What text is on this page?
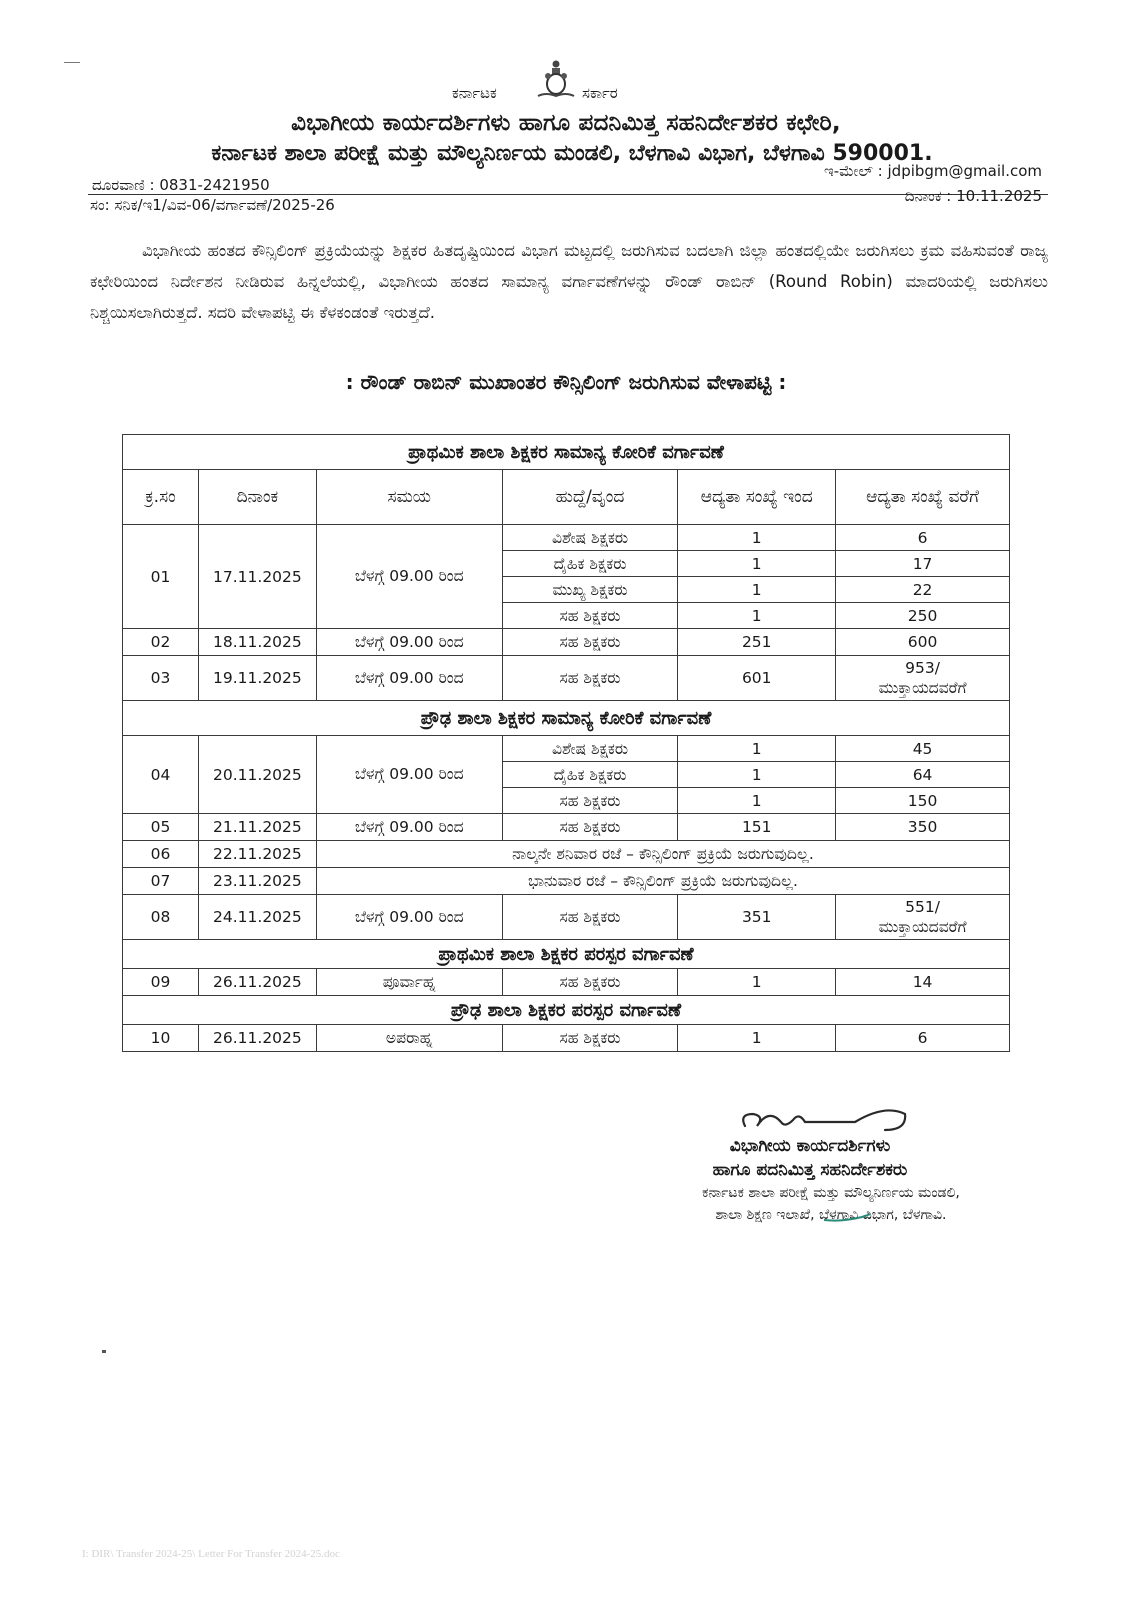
ಕರ್ನಾಟಕ	ಸರ್ಕಾರ
ವಿಭಾಗೀಯ ಕಾರ್ಯದರ್ಶಿಗಳು ಹಾಗೂ ಪದನಿಮಿತ್ತ ಸಹನಿರ್ದೇಶಕರ ಕಛೇರಿ,
ಕರ್ನಾಟಕ ಶಾಲಾ ಪರೀಕ್ಷೆ ಮತ್ತು ಮೌಲ್ಯನಿರ್ಣಯ ಮಂಡಲಿ, ಬೆಳಗಾವಿ ವಿಭಾಗ, ಬೆಳಗಾವಿ 590001.
ಇ-ಮೇಲ್ : jdpibgm@gmail.com
ದೂರವಾಣಿ : 0831-2421950
ಸಂ: ಸನಿಕ/ಇ1/ವಿವ-06/ವರ್ಗಾವಣೆ/2025-26	ದಿನಾಂಕ : 10.11.2025
ವಿಭಾಗೀಯ ಹಂತದ ಕೌನ್ಸಿಲಿಂಗ್ ಪ್ರಕ್ರಿಯೆಯನ್ನು ಶಿಕ್ಷಕರ ಹಿತದೃಷ್ಟಿಯಿಂದ ವಿಭಾಗ ಮಟ್ಟದಲ್ಲಿ ಜರುಗಿಸುವ ಬದಲಾಗಿ ಜಿಲ್ಲಾ ಹಂತದಲ್ಲಿಯೇ ಜರುಗಿಸಲು ಕ್ರಮ ವಹಿಸುವಂತೆ ರಾಜ್ಯ ಕಛೇರಿಯಿಂದ ನಿರ್ದೇಶನ ನೀಡಿರುವ ಹಿನ್ನಲೆಯಲ್ಲಿ, ವಿಭಾಗೀಯ ಹಂತದ ಸಾಮಾನ್ಯ ವರ್ಗಾವಣೆಗಳನ್ನು ರೌಂಡ್ ರಾಬಿನ್ (Round Robin) ಮಾದರಿಯಲ್ಲಿ ಜರುಗಿಸಲು ನಿಶ್ಚಯಿಸಲಾಗಿರುತ್ತದೆ. ಸದರಿ ವೇಳಾಪಟ್ಟಿ ಈ ಕೆಳಕಂಡಂತೆ ಇರುತ್ತದೆ.
: ರೌಂಡ್ ರಾಬಿನ್ ಮುಖಾಂತರ ಕೌನ್ಸಿಲಿಂಗ್ ಜರುಗಿಸುವ ವೇಳಾಪಟ್ಟಿ :
ಪ್ರಾಥಮಿಕ ಶಾಲಾ ಶಿಕ್ಷಕರ ಸಾಮಾನ್ಯ ಕೋರಿಕೆ ವರ್ಗಾವಣೆ					
ಕ್ರ.ಸಂ	ದಿನಾಂಕ	ಸಮಯ	ಹುದ್ದೆ/ವೃಂದ	ಆದ್ಯತಾ ಸಂಖ್ಯೆ ಇಂದ	ಆದ್ಯತಾ ಸಂಖ್ಯೆ ವರೆಗೆ
01	17.11.2025	ಬೆಳಗ್ಗೆ 09.00 ರಿಂದ	ವಿಶೇಷ ಶಿಕ್ಷಕರು	1	6
			ದೈಹಿಕ ಶಿಕ್ಷಕರು	1	17
			ಮುಖ್ಯ ಶಿಕ್ಷಕರು	1	22
			ಸಹ ಶಿಕ್ಷಕರು	1	250
02	18.11.2025	ಬೆಳಗ್ಗೆ 09.00 ರಿಂದ	ಸಹ ಶಿಕ್ಷಕರು	251	600
03	19.11.2025	ಬೆಳಗ್ಗೆ 09.00 ರಿಂದ	ಸಹ ಶಿಕ್ಷಕರು	601	953/
ಮುಕ್ತಾಯದವರೆಗೆ

ಪ್ರೌಢ ಶಾಲಾ ಶಿಕ್ಷಕರ ಸಾಮಾನ್ಯ ಕೋರಿಕೆ ವರ್ಗಾವಣೆ					
04	20.11.2025	ಬೆಳಗ್ಗೆ 09.00 ರಿಂದ	ವಿಶೇಷ ಶಿಕ್ಷಕರು	1	45
			ದೈಹಿಕ ಶಿಕ್ಷಕರು	1	64
			ಸಹ ಶಿಕ್ಷಕರು	1	150
05	21.11.2025	ಬೆಳಗ್ಗೆ 09.00 ರಿಂದ	ಸಹ ಶಿಕ್ಷಕರು	151	350
06	22.11.2025	ನಾಲ್ಕನೇ ಶನಿವಾರ ರಜೆ – ಕೌನ್ಸಿಲಿಂಗ್ ಪ್ರಕ್ರಿಯೆ ಜರುಗುವುದಿಲ್ಲ.			
07	23.11.2025	ಭಾನುವಾರ ರಜೆ – ಕೌನ್ಸಿಲಿಂಗ್ ಪ್ರಕ್ರಿಯೆ ಜರುಗುವುದಿಲ್ಲ.			
08	24.11.2025	ಬೆಳಗ್ಗೆ 09.00 ರಿಂದ	ಸಹ ಶಿಕ್ಷಕರು	351	551/
ಮುಕ್ತಾಯದವರೆಗೆ

ಪ್ರಾಥಮಿಕ ಶಾಲಾ ಶಿಕ್ಷಕರ ಪರಸ್ಪರ ವರ್ಗಾವಣೆ					
09	26.11.2025	ಪೂರ್ವಾಹ್ನ	ಸಹ ಶಿಕ್ಷಕರು	1	14
ಪ್ರೌಢ ಶಾಲಾ ಶಿಕ್ಷಕರ ಪರಸ್ಪರ ವರ್ಗಾವಣೆ					
10	26.11.2025	ಅಪರಾಹ್ನ	ಸಹ ಶಿಕ್ಷಕರು	1	6
ವಿಭಾಗೀಯ ಕಾರ್ಯದರ್ಶಿಗಳು
ಹಾಗೂ ಪದನಿಮಿತ್ತ ಸಹನಿರ್ದೇಶಕರು
ಕರ್ನಾಟಕ ಶಾಲಾ ಪರೀಕ್ಷೆ ಮತ್ತು ಮೌಲ್ಯನಿರ್ಣಯ ಮಂಡಲಿ,
ಶಾಲಾ ಶಿಕ್ಷಣ ಇಲಾಖೆ, ಬೆಳಗಾವಿ ವಿಭಾಗ, ಬೆಳಗಾವಿ.
I: DIR\ Transfer 2024-25\ Letter For Transfer 2024-25.doc
